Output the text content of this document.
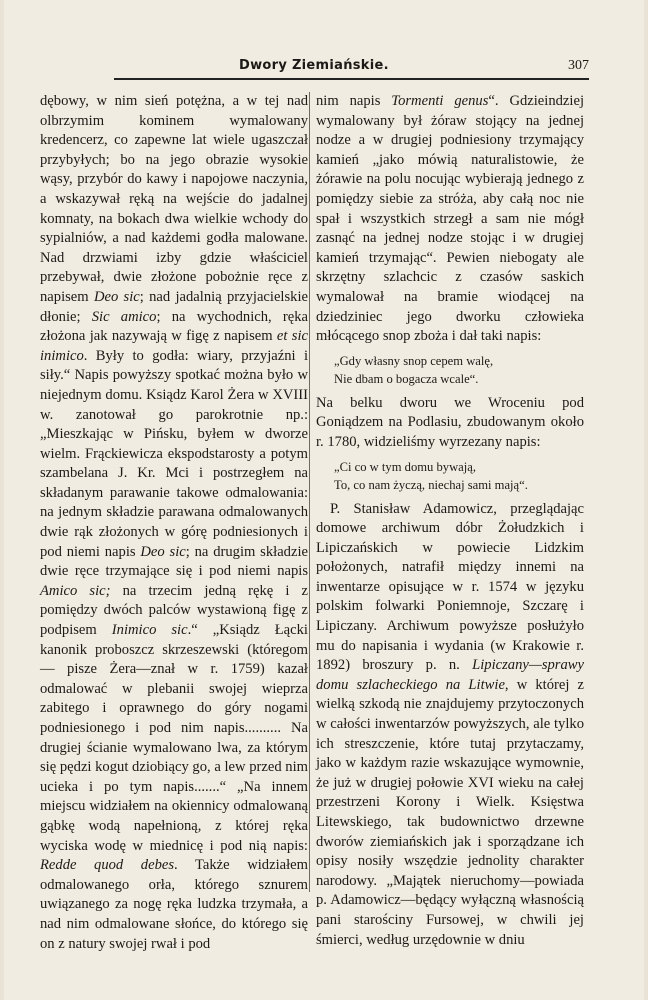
Dwory Ziemiańskie.	307

dębowy, w nim sień potężna, a w tej nad olbrzymim kominem wymalowany kredencerz, co zapewne lat wiele ugaszczał przybyłych; bo na jego obrazie wysokie wąsy, przybór do kawy i napojowe naczynia, a wskazywał ręką na wejście do jadalnej komnaty, na bokach dwa wielkie wchody do sypialniów, a nad każdemi godła malowane. Nad drzwiami izby gdzie właściciel przebywał, dwie złożone pobożnie ręce z napisem Deo sic; nad jadalnią przyjacielskie dłonie; Sic amico; na wychodnich, ręka złożona jak nazywają w figę z napisem et sic inimico. Były to godła: wiary, przyjaźni i siły.“ Napis powyższy spotkać można było w niejednym domu. Ksiądz Karol Żera w XVIII w. zanotował go parokrotnie np.: „Mieszkając w Pińsku, byłem w dworze wielm. Frąckiewicza ekspodstarosty a potym szambelana J. Kr. Mci i postrzegłem na składanym parawanie takowe odmalowania: na jednym składzie parawana odmalowanych dwie rąk złożonych w górę podniesionych i pod niemi napis Deo sic; na drugim składzie dwie ręce trzymające się i pod niemi napis Amico sic; na trzecim jedną rękę i z pomiędzy dwóch palców wystawioną figę z podpisem Inimico sic.“ „Ksiądz Łącki kanonik proboszcz skrzeszewski (któregom — pisze Żera—znał w r. 1759) kazał odmalować w plebanii swojej wieprza zabitego i oprawnego do góry nogami podniesionego i pod nim napis.......... Na drugiej ścianie wymalowano lwa, za którym się pędzi kogut dziobiący go, a lew przed nim ucieka i po tym napis.......“ „Na innem miejscu widziałem na okiennicy odmalowaną gąbkę wodą napełnioną, z której ręka wyciska wodę w miednicę i pod nią napis: Redde quod debes. Także widziałem odmalowanego orła, którego sznurem uwiązanego za nogę ręka ludzka trzymała, a nad nim odmalowane słońce, do którego się on z natury swojej rwał i pod

nim napis Tormenti genus“. Gdzieindziej wymalowany był żóraw stojący na jednej nodze a w drugiej podniesiony trzymający kamień „jako mówią naturalistowie, że żórawie na polu nocując wybierają jednego z pomiędzy siebie za stróża, aby całą noc nie spał i wszystkich strzegł a sam nie mógł zasnąć na jednej nodze stojąc i w drugiej kamień trzymając“. Pewien niebogaty ale skrzętny szlachcic z czasów saskich wymalował na bramie wiodącej na dziedziniec jego dworku człowieka młócącego snop zboża i dał taki napis:

„Gdy własny snop cepem walę,
Nie dbam o bogacza wcale“.

Na belku dworu we Wroceniu pod Goniądzem na Podlasiu, zbudowanym około r. 1780, widzieliśmy wyrzezany napis:

„Ci co w tym domu bywają,
To, co nam życzą, niechaj sami mają“.

P. Stanisław Adamowicz, przeglądając domowe archiwum dóbr Żołudzkich i Lipiczańskich w powiecie Lidzkim położonych, natrafił między innemi na inwentarze opisujące w r. 1574 w języku polskim folwarki Poniemnoje, Szczarę i Lipiczany. Archiwum powyższe posłużyło mu do napisania i wydania (w Krakowie r. 1892) broszury p. n. Lipiczany—sprawy domu szlacheckiego na Litwie, w której z wielką szkodą nie znajdujemy przytoczonych w całości inwentarzów powyższych, ale tylko ich streszczenie, które tutaj przytaczamy, jako w każdym razie wskazujące wymownie, że już w drugiej połowie XVI wieku na całej przestrzeni Korony i Wielk. Księstwa Litewskiego, tak budownictwo drzewne dworów ziemiańskich jak i sporządzane ich opisy nosiły wszędzie jednolity charakter narodowy. „Majątek nieruchomy—powiada p. Adamowicz—będący wyłączną własnością pani starościny Fursowej, w chwili jej śmierci, według urzędownie w dniu
